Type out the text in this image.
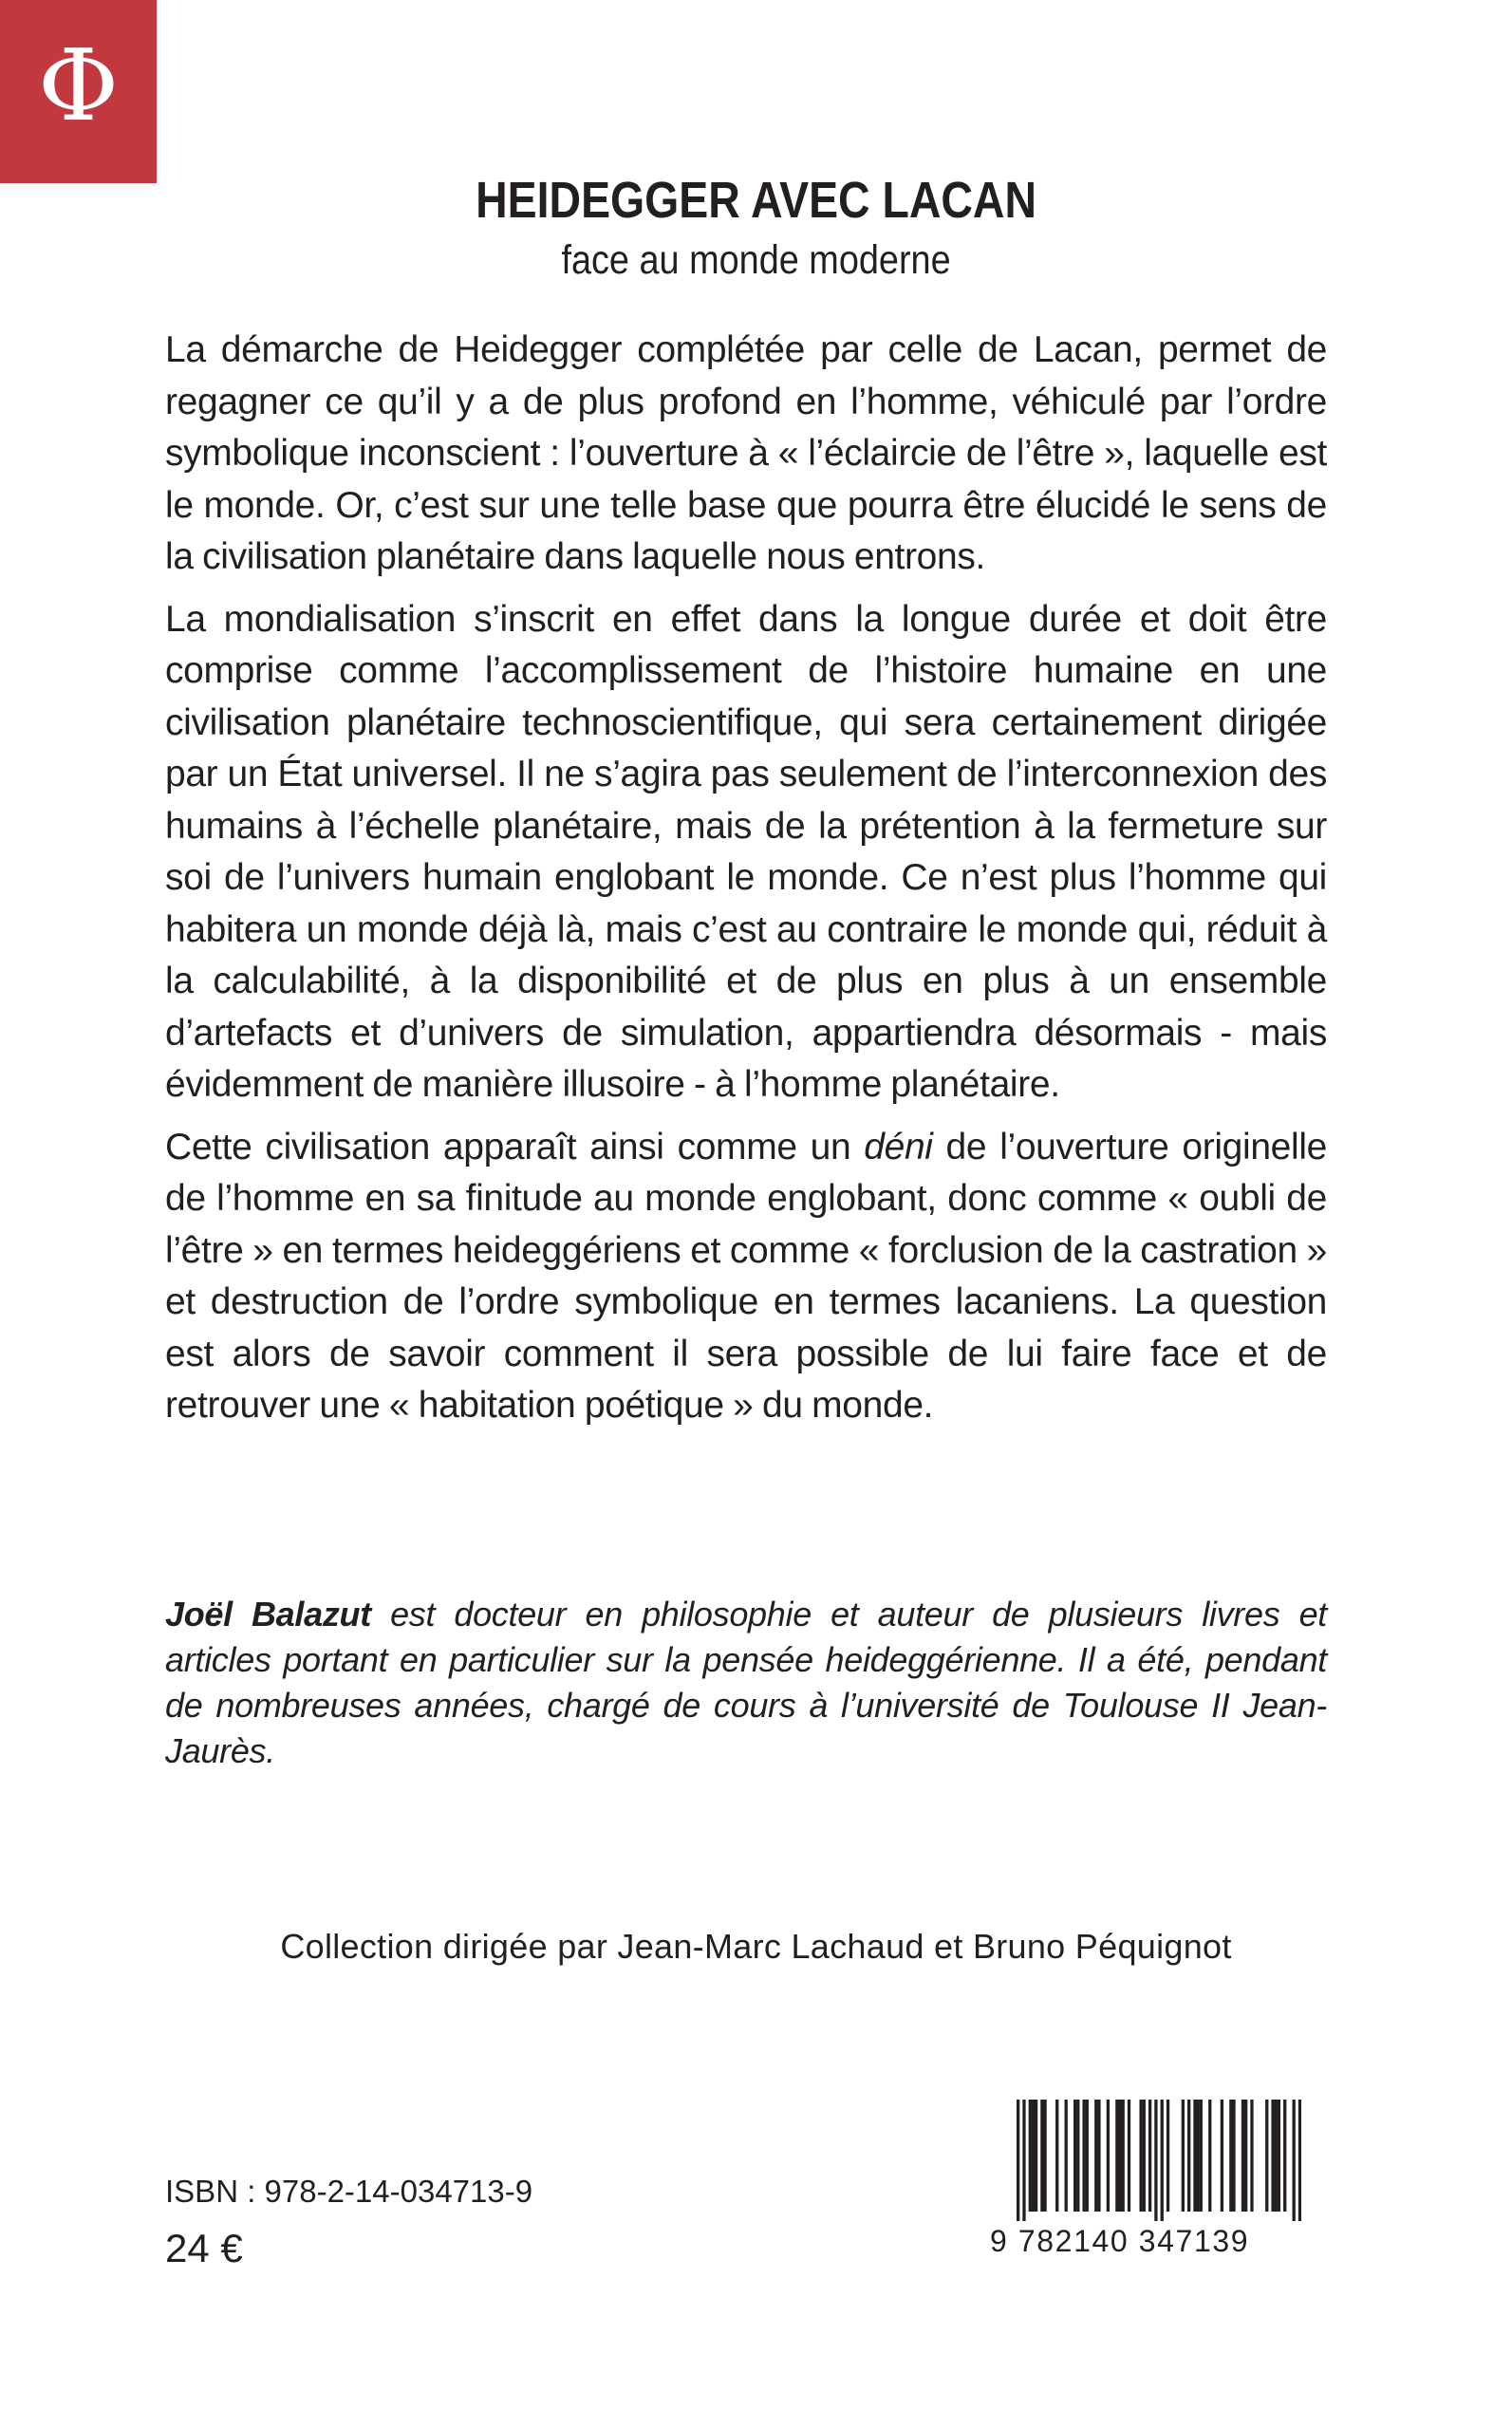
Φ
HEIDEGGER AVEC LACAN
face au monde moderne

La démarche de Heidegger complétée par celle de Lacan, permet de regagner ce qu’il y a de plus profond en l’homme, véhiculé par l’ordre symbolique inconscient : l’ouverture à « l’éclaircie de l’être », laquelle est le monde. Or, c’est sur une telle base que pourra être élucidé le sens de la civilisation planétaire dans laquelle nous entrons.

La mondialisation s’inscrit en effet dans la longue durée et doit être comprise comme l’accomplissement de l’histoire humaine en une civilisation planétaire technoscientifique, qui sera certainement dirigée par un État universel. Il ne s’agira pas seulement de l’interconnexion des humains à l’échelle planétaire, mais de la prétention à la fermeture sur soi de l’univers humain englobant le monde. Ce n’est plus l’homme qui habitera un monde déjà là, mais c’est au contraire le monde qui, réduit à la calculabilité, à la disponibilité et de plus en plus à un ensemble d’artefacts et d’univers de simulation, appartiendra désormais - mais évidemment de manière illusoire - à l’homme planétaire.

Cette civilisation apparaît ainsi comme un déni de l’ouverture originelle de l’homme en sa finitude au monde englobant, donc comme « oubli de l’être » en termes heideggériens et comme « forclusion de la castration » et destruction de l’ordre symbolique en termes lacaniens. La question est alors de savoir comment il sera possible de lui faire face et de retrouver une « habitation poétique » du monde.

Joël Balazut est docteur en philosophie et auteur de plusieurs livres et articles portant en particulier sur la pensée heideggérienne. Il a été, pendant de nombreuses années, chargé de cours à l’université de Toulouse II Jean-Jaurès.
Collection dirigée par Jean-Marc Lachaud et Bruno Péquignot
ISBN : 978-2-14-034713-9
24 €	9 782140 347139
